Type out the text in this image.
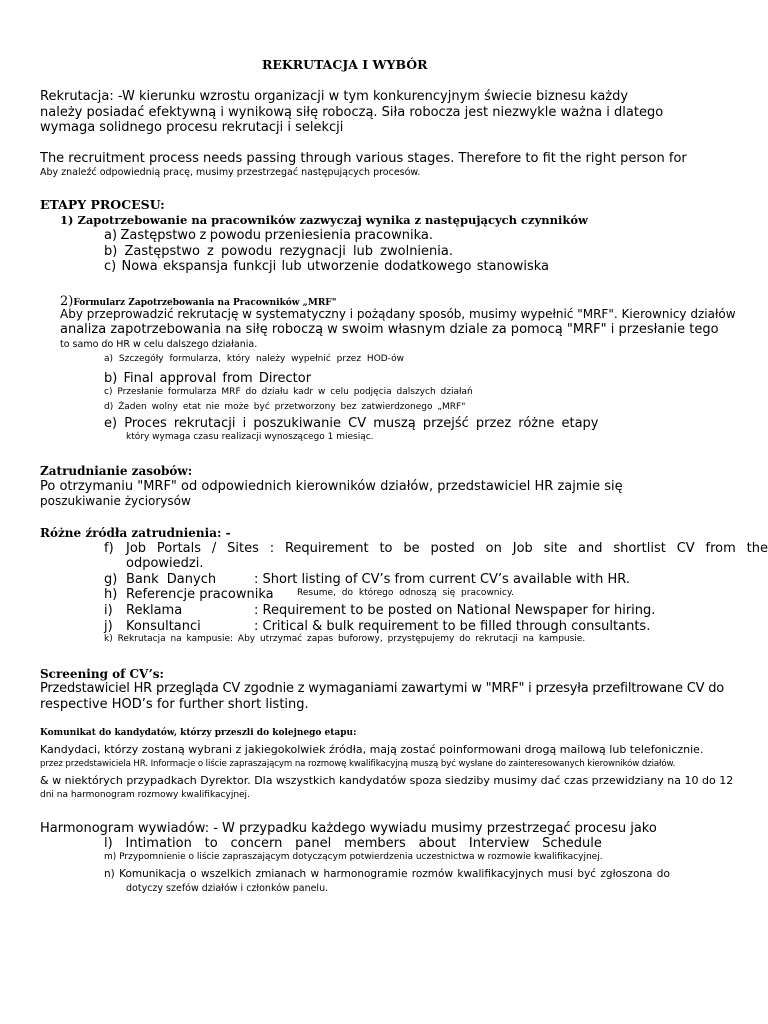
REKRUTACJA I WYBÓR
Rekrutacja: -W kierunku wzrostu organizacji w tym konkurencyjnym świecie biznesu każdy
należy posiadać efektywną i wynikową siłę roboczą. Siła robocza jest niezwykle ważna i dlatego
wymaga solidnego procesu rekrutacji i selekcji
The recruitment process needs passing through various stages. Therefore to fit the right person for
Aby znaleźć odpowiednią pracę, musimy przestrzegać następujących procesów.
ETAPY PROCESU:
1) Zapotrzebowanie na pracowników zazwyczaj wynika z następujących czynników
a) Zastępstwo z powodu przeniesienia pracownika.
b) Zastępstwo z powodu rezygnacji lub zwolnienia.
c) Nowa ekspansja funkcji lub utworzenie dodatkowego stanowiska
2)Formularz Zapotrzebowania na Pracowników „MRF"
Aby przeprowadzić rekrutację w systematyczny i pożądany sposób, musimy wypełnić "MRF". Kierownicy działów
analiza zapotrzebowania na siłę roboczą w swoim własnym dziale za pomocą "MRF" i przesłanie tego
to samo do HR w celu dalszego działania.
a) Szczegóły formularza, który należy wypełnić przez HOD-ów
b) Final approval from Director
c) Przesłanie formularza MRF do działu kadr w celu podjęcia dalszych działań
d) Żaden wolny etat nie może być przetworzony bez zatwierdzonego „MRF"
e) Proces rekrutacji i poszukiwanie CV muszą przejść przez różne etapy
który wymaga czasu realizacji wynoszącego 1 miesiąc.
Zatrudnianie zasobów:
Po otrzymaniu "MRF" od odpowiednich kierowników działów, przedstawiciel HR zajmie się
poszukiwanie życiorysów
Różne źródła zatrudnienia: -
f) Job Portals / Sites : Requirement to be posted on Job site and shortlist CV from the
odpowiedzi.
g) Bank Danych	: Short listing of CV’s from current CV’s available with HR.
h) Referencje pracownika	Resume, do którego odnoszą się pracownicy.
i) Reklama	: Requirement to be posted on National Newspaper for hiring.
j) Konsultanci	: Critical & bulk requirement to be filled through consultants.
k) Rekrutacja na kampusie: Aby utrzymać zapas buforowy, przystępujemy do rekrutacji na kampusie.
Screening of CV’s:
Przedstawiciel HR przegląda CV zgodnie z wymaganiami zawartymi w "MRF" i przesyła przefiltrowane CV do
respective HOD’s for further short listing.
Komunikat do kandydatów, którzy przeszli do kolejnego etapu:
Kandydaci, którzy zostaną wybrani z jakiegokolwiek źródła, mają zostać poinformowani drogą mailową lub telefonicznie.
przez przedstawiciela HR. Informacje o liście zapraszającym na rozmowę kwalifikacyjną muszą być wysłane do zainteresowanych kierowników działów.
& w niektórych przypadkach Dyrektor. Dla wszystkich kandydatów spoza siedziby musimy dać czas przewidziany na 10 do 12
dni na harmonogram rozmowy kwalifikacyjnej.
Harmonogram wywiadów: - W przypadku każdego wywiadu musimy przestrzegać procesu jako
l) Intimation to concern panel members about Interview Schedule
m) Przypomnienie o liście zapraszającym dotyczącym potwierdzenia uczestnictwa w rozmowie kwalifikacyjnej.
n) Komunikacja o wszelkich zmianach w harmonogramie rozmów kwalifikacyjnych musi być zgłoszona do
dotyczy szefów działów i członków panelu.
